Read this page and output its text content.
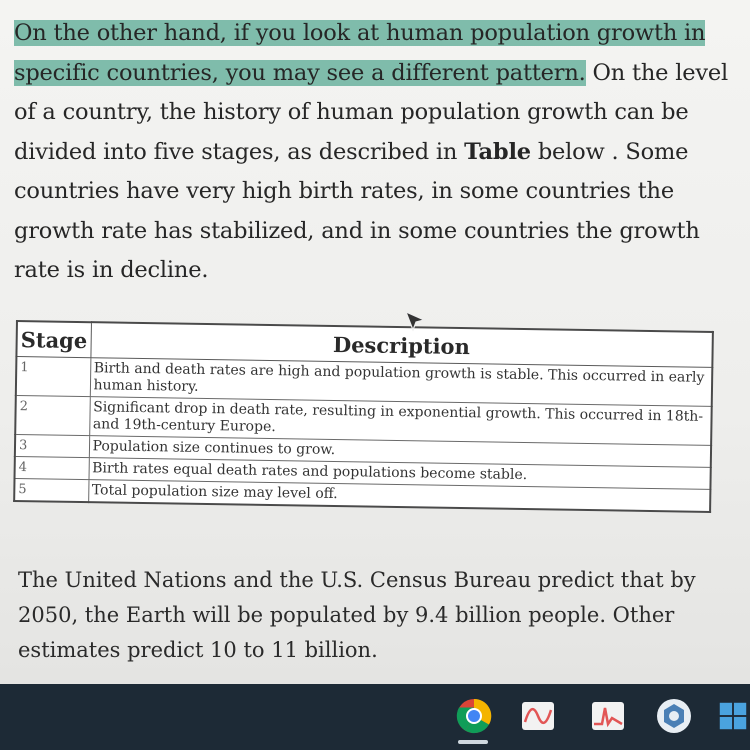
On the other hand, if you look at human population growth in specific countries, you may see a different pattern. On the level of a country, the history of human population growth can be divided into five stages, as described in Table below . Some countries have very high birth rates, in some countries the growth rate has stabilized, and in some countries the growth rate is in decline.

Stage	Description
1	Birth and death rates are high and population growth is stable. This occurred in early human history.
2	Significant drop in death rate, resulting in exponential growth. This occurred in 18th- and 19th-century Europe.
3	Population size continues to grow.
4	Birth rates equal death rates and populations become stable.
5	Total population size may level off.

The United Nations and the U.S. Census Bureau predict that by 2050, the Earth will be populated by 9.4 billion people. Other estimates predict 10 to 11 billion.
